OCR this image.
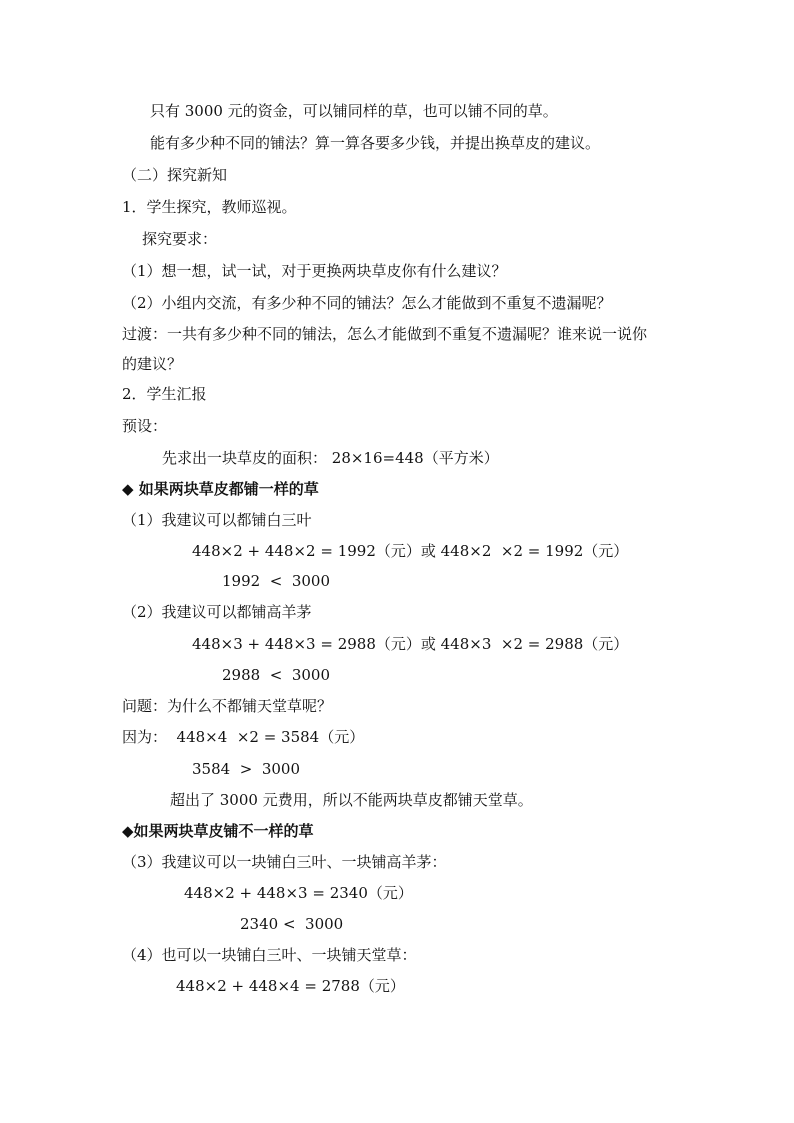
只有 3000 元的资金，可以铺同样的草，也可以铺不同的草。
能有多少种不同的铺法？算一算各要多少钱，并提出换草皮的建议。
（二）探究新知
1．学生探究，教师巡视。
探究要求：
（1）想一想，试一试，对于更换两块草皮你有什么建议？
（2）小组内交流，有多少种不同的铺法？怎么才能做到不重复不遗漏呢？
过渡：一共有多少种不同的铺法，怎么才能做到不重复不遗漏呢？谁来说一说你
的建议？
2．学生汇报
预设：
先求出一块草皮的面积： 28×16=448（平方米）
◆ 如果两块草皮都铺一样的草
（1）我建议可以都铺白三叶
448×2 + 448×2 = 1992（元）或 448×2  ×2 = 1992（元）
1992  <  3000
（2）我建议可以都铺高羊茅
448×3 + 448×3 = 2988（元）或 448×3  ×2 = 2988（元）
2988  <  3000
问题：为什么不都铺天堂草呢？
因为：  448×4  ×2 = 3584（元）
3584  >  3000
超出了 3000 元费用，所以不能两块草皮都铺天堂草。
◆如果两块草皮铺不一样的草
（3）我建议可以一块铺白三叶、一块铺高羊茅：
448×2 + 448×3 = 2340（元）
2340 <  3000
（4）也可以一块铺白三叶、一块铺天堂草：
448×2 + 448×4 = 2788（元）
